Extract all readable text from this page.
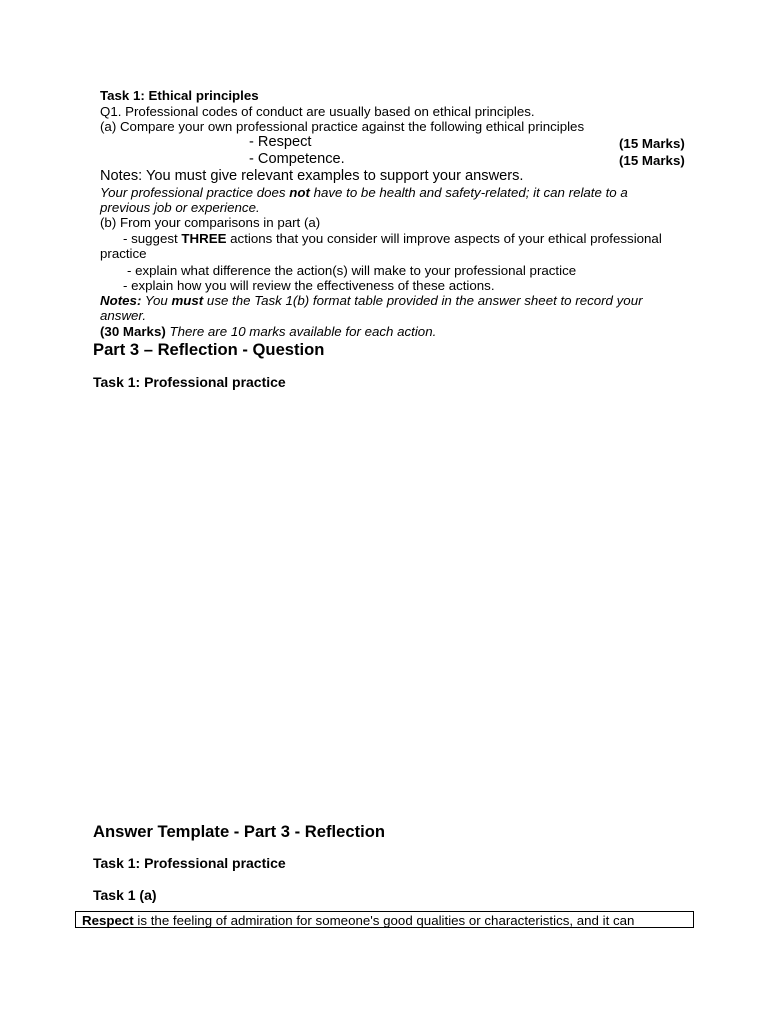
Task 1: Ethical principles
Q1. Professional codes of conduct are usually based on ethical principles.
(a) Compare your own professional practice against the following ethical principles
- Respect	(15 Marks)
- Competence.	(15 Marks)
Notes: You must give relevant examples to support your answers.
Your professional practice does not have to be health and safety-related; it can relate to a
previous job or experience.
(b) From your comparisons in part (a)
- suggest THREE actions that you consider will improve aspects of your ethical professional
practice
- explain what difference the action(s) will make to your professional practice
- explain how you will review the effectiveness of these actions.
Notes: You must use the Task 1(b) format table provided in the answer sheet to record your
answer.
(30 Marks) There are 10 marks available for each action.
Part 3 – Reflection - Question
Task 1: Professional practice
Answer Template - Part 3 - Reflection
Task 1: Professional practice
Task 1 (a)
Respect is the feeling of admiration for someone's good qualities or characteristics, and it can
